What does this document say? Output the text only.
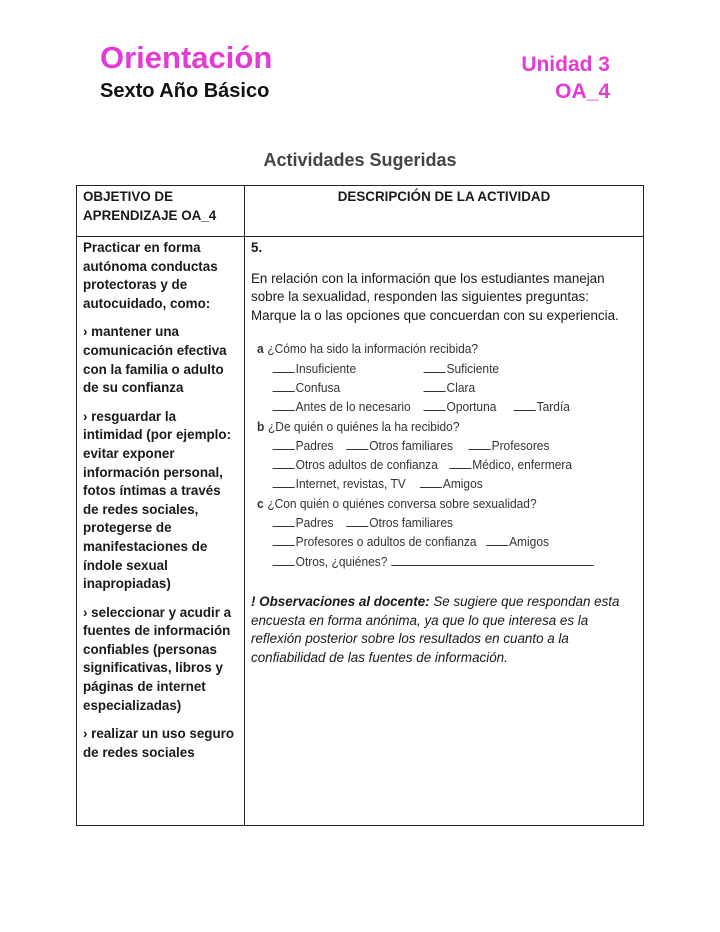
Orientación
Sexto Año Básico
Unidad 3
OA_4
Actividades Sugeridas
OBJETIVO DE APRENDIZAJE OA_4	DESCRIPCIÓN DE LA ACTIVIDAD

Practicar en forma autónoma conductas protectoras y de autocuidado, como:

› mantener una comunicación efectiva con la familia o adulto de su confianza

› resguardar la intimidad (por ejemplo: evitar exponer información personal, fotos íntimas a través de redes sociales, protegerse de manifestaciones de índole sexual inapropiadas)

› seleccionar y acudir a fuentes de información confiables (personas significativas, libros y páginas de internet especializadas)

› realizar un uso seguro de redes sociales

5.

En relación con la información que los estudiantes manejan sobre la sexualidad, responden las siguientes preguntas: Marque la o las opciones que concuerdan con su experiencia.

a ¿Cómo ha sido la información recibida?
Insuficiente	Suficiente
Confusa	Clara
Antes de lo necesario	Oportuna	Tardía
b ¿De quién o quiénes la ha recibido?
Padres	Otros familiares	Profesores
Otros adultos de confianza	Médico, enfermera
Internet, revistas, TV	Amigos
c ¿Con quién o quiénes conversa sobre sexualidad?
Padres	Otros familiares
Profesores o adultos de confianza	Amigos
Otros, ¿quiénes?

! Observaciones al docente: Se sugiere que respondan esta encuesta en forma anónima, ya que lo que interesa es la reflexión posterior sobre los resultados en cuanto a la confiabilidad de las fuentes de información.
